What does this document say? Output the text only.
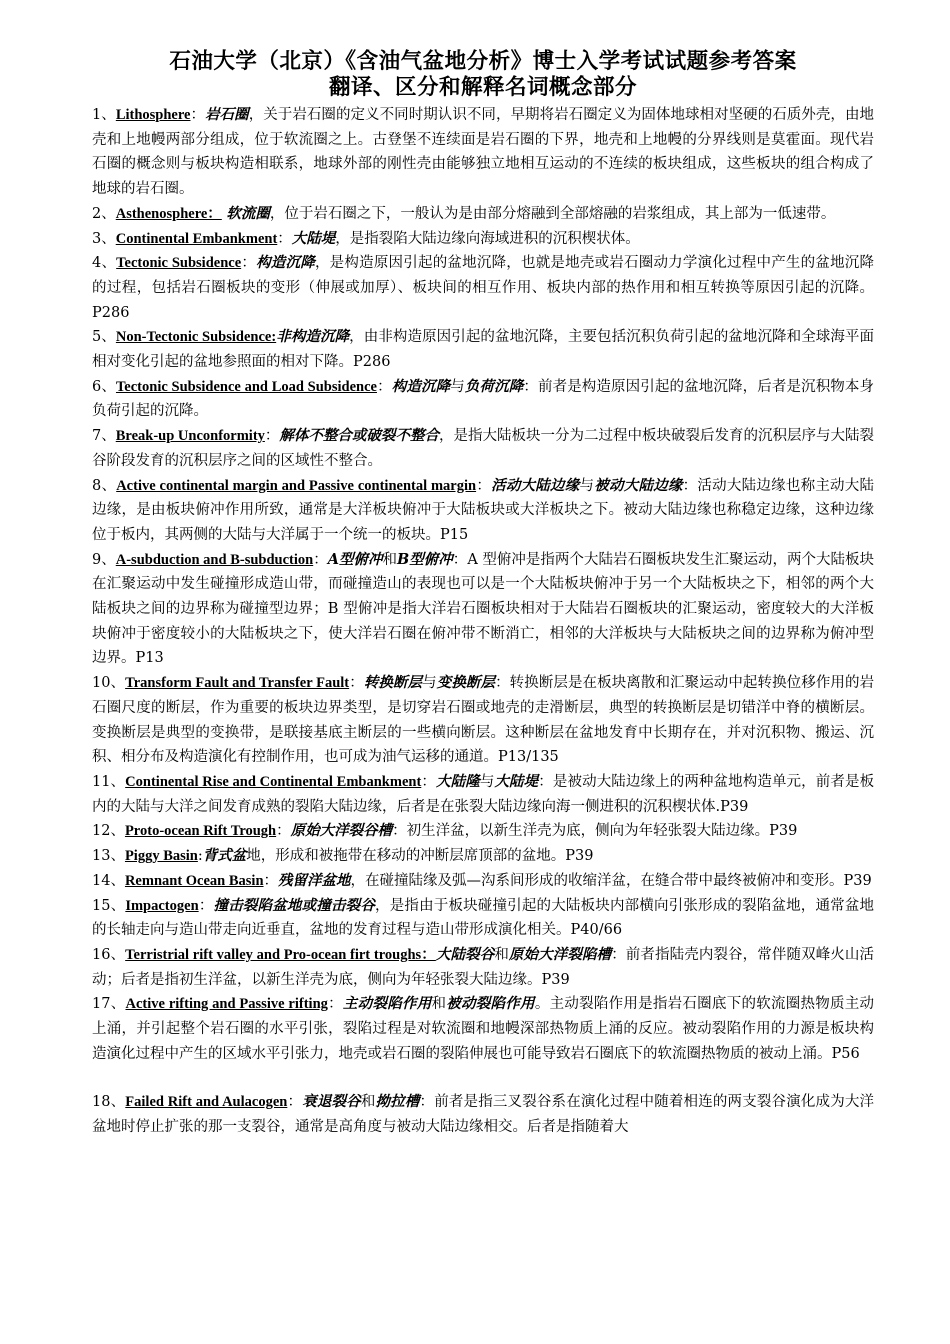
石油大学（北京）《含油气盆地分析》博士入学考试试题参考答案
翻译、区分和解释名词概念部分

1、Lithosphere：岩石圈，关于岩石圈的定义不同时期认识不同，早期将岩石圈定义为固体地球相对坚硬的石质外壳，由地壳和上地幔两部分组成，位于软流圈之上。古登堡不连续面是岩石圈的下界，地壳和上地幔的分界线则是莫霍面。现代岩石圈的概念则与板块构造相联系，地球外部的刚性壳由能够独立地相互运动的不连续的板块组成，这些板块的组合构成了地球的岩石圈。

2、Asthenosphere： 软流圈，位于岩石圈之下，一般认为是由部分熔融到全部熔融的岩浆组成，其上部为一低速带。

3、Continental Embankment：大陆堤，是指裂陷大陆边缘向海域进积的沉积楔状体。

4、Tectonic Subsidence：构造沉降，是构造原因引起的盆地沉降，也就是地壳或岩石圈动力学演化过程中产生的盆地沉降的过程，包括岩石圈板块的变形（伸展或加厚）、板块间的相互作用、板块内部的热作用和相互转换等原因引起的沉降。P286

5、Non-Tectonic Subsidence:非构造沉降，由非构造原因引起的盆地沉降，主要包括沉积负荷引起的盆地沉降和全球海平面相对变化引起的盆地参照面的相对下降。P286

6、Tectonic Subsidence and Load Subsidence：构造沉降与负荷沉降：前者是构造原因引起的盆地沉降，后者是沉积物本身负荷引起的沉降。

7、Break-up Unconformity：解体不整合或破裂不整合，是指大陆板块一分为二过程中板块破裂后发育的沉积层序与大陆裂谷阶段发育的沉积层序之间的区域性不整合。

8、Active continental margin and Passive continental margin：活动大陆边缘与被动大陆边缘：活动大陆边缘也称主动大陆边缘，是由板块俯冲作用所致，通常是大洋板块俯冲于大陆板块或大洋板块之下。被动大陆边缘也称稳定边缘，这种边缘位于板内，其两侧的大陆与大洋属于一个统一的板块。P15

9、A-subduction and B-subduction：A型俯冲和B型俯冲：A 型俯冲是指两个大陆岩石圈板块发生汇聚运动，两个大陆板块在汇聚运动中发生碰撞形成造山带，而碰撞造山的表现也可以是一个大陆板块俯冲于另一个大陆板块之下，相邻的两个大陆板块之间的边界称为碰撞型边界；B 型俯冲是指大洋岩石圈板块相对于大陆岩石圈板块的汇聚运动，密度较大的大洋板块俯冲于密度较小的大陆板块之下，使大洋岩石圈在俯冲带不断消亡，相邻的大洋板块与大陆板块之间的边界称为俯冲型边界。P13

10、Transform Fault and Transfer Fault：转换断层与变换断层：转换断层是在板块离散和汇聚运动中起转换位移作用的岩石圈尺度的断层，作为重要的板块边界类型，是切穿岩石圈或地壳的走滑断层，典型的转换断层是切错洋中脊的横断层。变换断层是典型的变换带，是联接基底主断层的一些横向断层。这种断层在盆地发育中长期存在，并对沉积物、搬运、沉积、相分布及构造演化有控制作用，也可成为油气运移的通道。P13/135

11、Continental Rise and Continental Embankment：大陆隆与大陆堤：是被动大陆边缘上的两种盆地构造单元，前者是板内的大陆与大洋之间发育成熟的裂陷大陆边缘，后者是在张裂大陆边缘向海一侧进积的沉积楔状体.P39

12、Proto-ocean Rift Trough：原始大洋裂谷槽：初生洋盆，以新生洋壳为底，侧向为年轻张裂大陆边缘。P39

13、Piggy Basin:背式盆地，形成和被拖带在移动的冲断层席顶部的盆地。P39

14、Remnant Ocean Basin：残留洋盆地，在碰撞陆缘及弧—沟系间形成的收缩洋盆，在缝合带中最终被俯冲和变形。P39

15、Impactogen：撞击裂陷盆地或撞击裂谷，是指由于板块碰撞引起的大陆板块内部横向引张形成的裂陷盆地，通常盆地的长轴走向与造山带走向近垂直，盆地的发育过程与造山带形成演化相关。P40/66

16、Terristrial rift valley and Pro-ocean firt troughs：大陆裂谷和原始大洋裂陷槽：前者指陆壳内裂谷，常伴随双峰火山活动；后者是指初生洋盆，以新生洋壳为底，侧向为年轻张裂大陆边缘。P39

17、Active rifting and Passive rifting：主动裂陷作用和被动裂陷作用。主动裂陷作用是指岩石圈底下的软流圈热物质主动上涌，并引起整个岩石圈的水平引张，裂陷过程是对软流圈和地幔深部热物质上涌的反应。被动裂陷作用的力源是板块构造演化过程中产生的区域水平引张力，地壳或岩石圈的裂陷伸展也可能导致岩石圈底下的软流圈热物质的被动上涌。P56

18、Failed Rift and Aulacogen：衰退裂谷和拗拉槽：前者是指三叉裂谷系在演化过程中随着相连的两支裂谷演化成为大洋盆地时停止扩张的那一支裂谷，通常是高角度与被动大陆边缘相交。后者是指随着大
